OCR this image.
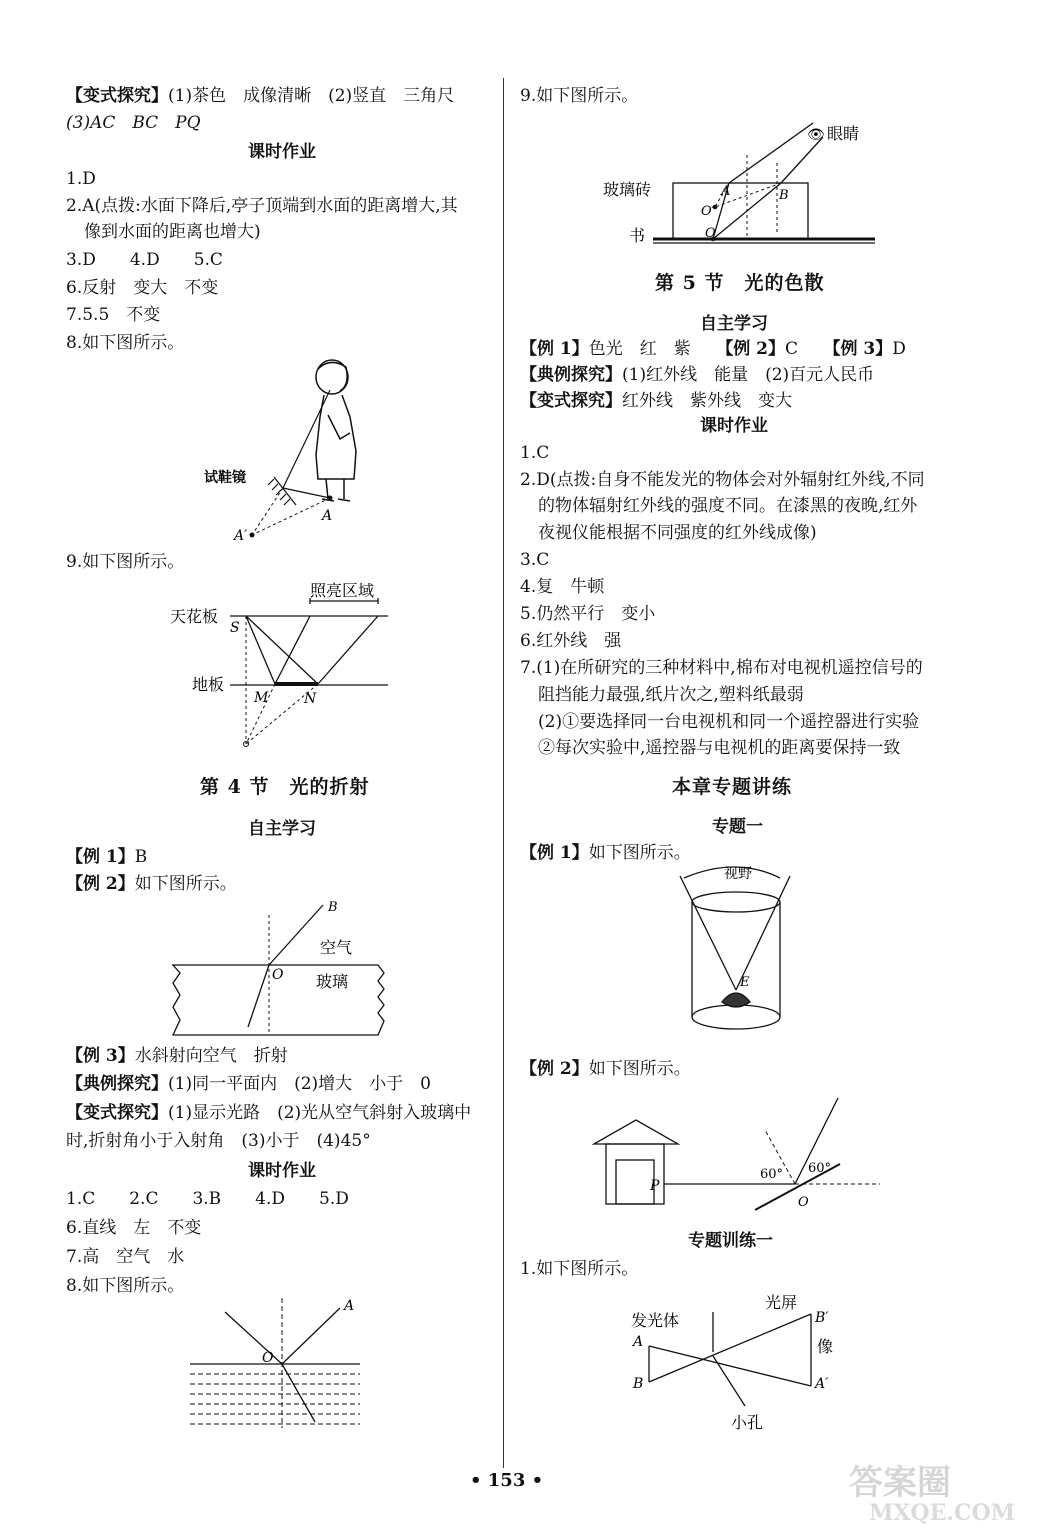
【变式探究】(1)茶色　成像清晰　(2)竖直　三角尺
(3)AC　BC　PQ
课时作业
1.D
2.A(点拨:水面下降后,亭子顶端到水面的距离增大,其
像到水面的距离也增大)
3.D　　4.D　　5.C
6.反射　变大　不变
7.5.5　不变
8.如下图所示。
试鞋镜
A
A′
9.如下图所示。
天花板
地板
照亮区域
S
M	N
第 4 节　光的折射
自主学习
【例 1】B
【例 2】如下图所示。
B
空气
O 玻璃
【例 3】水斜射向空气　折射
【典例探究】(1)同一平面内　(2)增大　小于　0
【变式探究】(1)显示光路　(2)光从空气斜射入玻璃中
时,折射角小于入射角　(3)小于　(4)45°
课时作业
1.C　　2.C　　3.B　　4.D　　5.D
6.直线　左　不变
7.高　空气　水
8.如下图所示。
A
O
9.如下图所示。
👁 眼睛
玻璃砖
书
A	B
O′
O
第 5 节　光的色散
自主学习
【例 1】色光　红　紫　　【例 2】C　　【例 3】D
【典例探究】(1)红外线　能量　(2)百元人民币
【变式探究】红外线　紫外线　变大
课时作业
1.C
2.D(点拨:自身不能发光的物体会对外辐射红外线,不同
的物体辐射红外线的强度不同。在漆黑的夜晚,红外
夜视仪能根据不同强度的红外线成像)
3.C
4.复　牛顿
5.仍然平行　变小
6.红外线　强
7.(1)在所研究的三种材料中,棉布对电视机遥控信号的
阻挡能力最强,纸片次之,塑料纸最弱
(2)①要选择同一台电视机和同一个遥控器进行实验
②每次实验中,遥控器与电视机的距离要保持一致
本章专题讲练
专题一
【例 1】如下图所示。
视野
E
【例 2】如下图所示。
P
60° 60°
O
专题训练一
1.如下图所示。
发光体
A
B
光屏
B′
像
A′
小孔
• 153 •	答案圈
MXQE.COM
